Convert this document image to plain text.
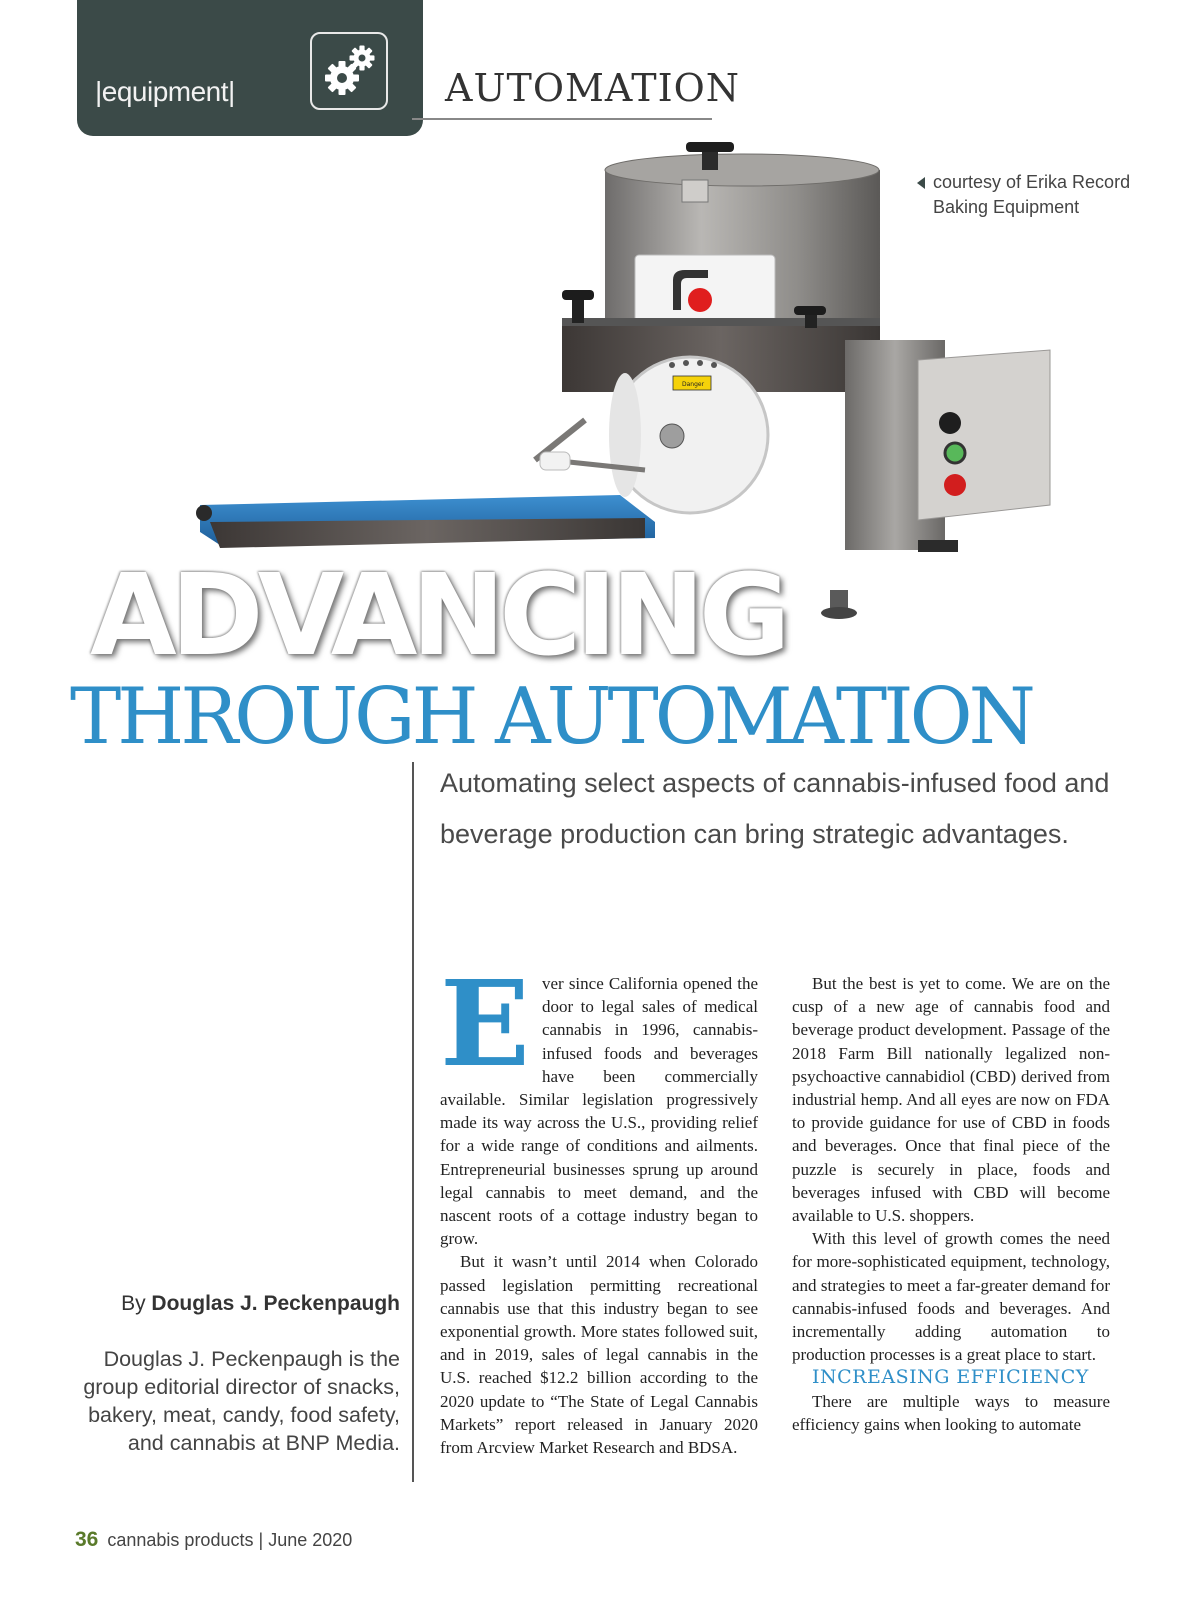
|equipment|	AUTOMATION
Danger
courtesy of Erika Record Baking Equipment
ADVANCING
THROUGH AUTOMATION
Automating select aspects of cannabis-infused food and beverage production can bring strategic advantages.
By Douglas J. Peckenpaugh
Douglas J. Peckenpaugh is the group editorial director of snacks, bakery, meat, candy, food safety, and cannabis at BNP Media.

Ever since California opened the door to legal sales of medical cannabis in 1996, cannabis-infused foods and beverages have been commercially available. Similar legislation progressively made its way across the U.S., providing relief for a wide range of conditions and ailments. Entrepreneurial businesses sprung up around legal cannabis to meet demand, and the nascent roots of a cottage industry began to grow.

But it wasn’t until 2014 when Colorado passed legislation permitting recreational cannabis use that this industry began to see exponential growth. More states followed suit, and in 2019, sales of legal cannabis in the U.S. reached $12.2 billion according to the 2020 update to “The State of Legal Cannabis Markets” report released in January 2020 from Arcview Market Research and BDSA.

But the best is yet to come. We are on the cusp of a new age of cannabis food and beverage product development. Passage of the 2018 Farm Bill nationally legalized non-psychoactive cannabidiol (CBD) derived from industrial hemp. And all eyes are now on FDA to provide guidance for use of CBD in foods and beverages. Once that final piece of the puzzle is securely in place, foods and beverages infused with CBD will become available to U.S. shoppers.

With this level of growth comes the need for more-sophisticated equipment, technology, and strategies to meet a far-greater demand for cannabis-infused foods and beverages. And incrementally adding automation to production processes is a great place to start.

INCREASING EFFICIENCY

There are multiple ways to measure efficiency gains when looking to automate

36 cannabis products | June 2020
